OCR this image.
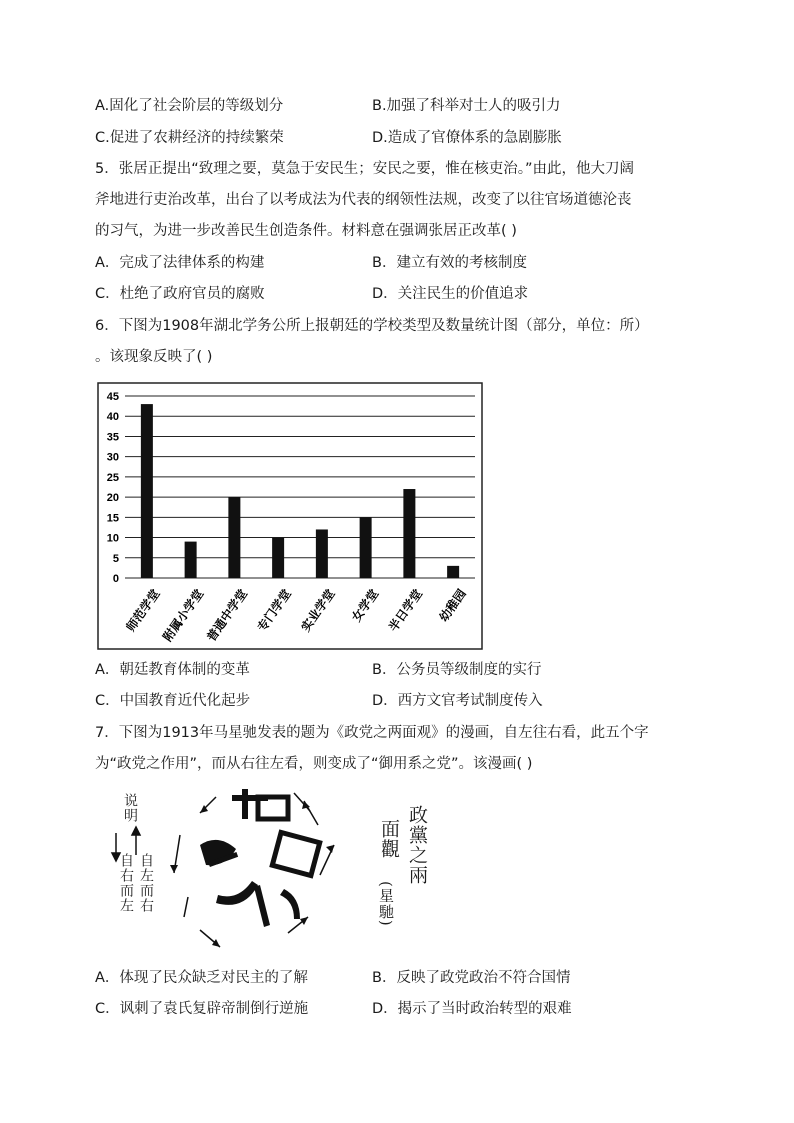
A.固化了社会阶层的等级划分	B.加强了科举对士人的吸引力
C.促进了农耕经济的持续繁荣	D.造成了官僚体系的急剧膨胀
5．张居正提出“致理之要，莫急于安民生；安民之要，惟在核吏治。”由此，他大刀阔
斧地进行吏治改革，出台了以考成法为代表的纲领性法规，改变了以往官场道德沦丧
的习气，为进一步改善民生创造条件。材料意在强调张居正改革( )
A．完成了法律体系的构建	B．建立有效的考核制度
C．杜绝了政府官员的腐败	D．关注民生的价值追求
6．下图为1908年湖北学务公所上报朝廷的学校类型及数量统计图（部分，单位：所）
。该现象反映了( )
0
5
10
15
20
25
30
35
40
45
师范学堂
附属小学堂
普通中学堂 专门学堂 实业学堂 女学堂 半日学堂 幼稚园
A．朝廷教育体制的变革	B．公务员等级制度的实行
C．中国教育近代化起步	D．西方文官考试制度传入
7．下图为1913年马星驰发表的题为《政党之两面观》的漫画，自左往右看，此五个字
为“政党之作用”，而从右往左看，则变成了“御用系之党”。该漫画( )
说明
自右而左 自左而右	政黨之兩
面觀
(星馳)
A．体现了民众缺乏对民主的了解	B．反映了政党政治不符合国情
C．讽刺了袁氏复辟帝制倒行逆施	D．揭示了当时政治转型的艰难
